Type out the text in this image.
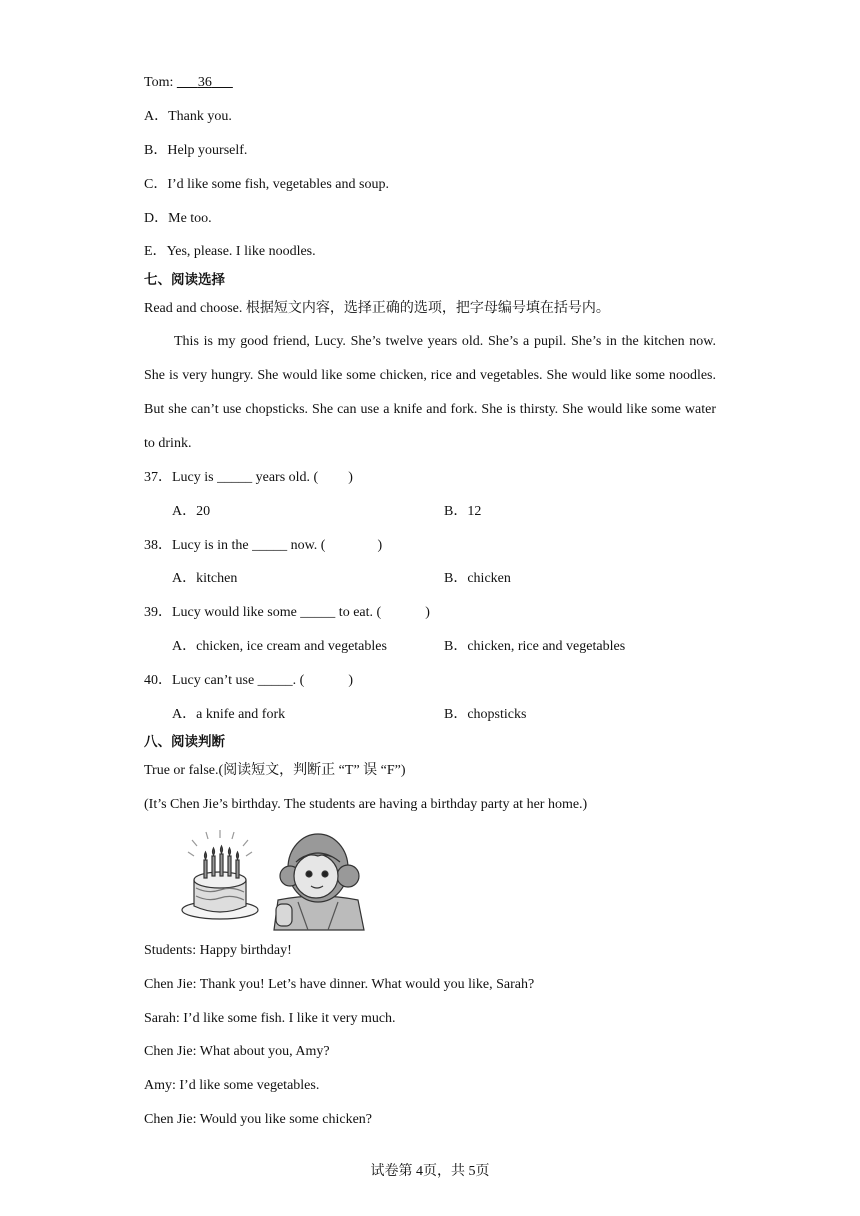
Tom: 36
A．Thank you.
B．Help yourself.
C．I’d like some fish, vegetables and soup.
D．Me too.
E．Yes, please. I like noodles.
七、阅读选择
Read and choose. 根据短文内容，选择正确的选项，把字母编号填在括号内。
This is my good friend, Lucy. She’s twelve years old. She’s a pupil. She’s in the kitchen now. She is very hungry. She would like some chicken, rice and vegetables. She would like some noodles. But she can’t use chopsticks. She can use a knife and fork. She is thirsty. She would like some water to drink.
37．Lucy is _____ years old. ( )
A．20	B．12
38．Lucy is in the _____ now. (	)
A．kitchen	B．chicken
39．Lucy would like some _____ to eat. (	)
A．chicken, ice cream and vegetables	B．chicken, rice and vegetables
40．Lucy can’t use _____. (	)
A．a knife and fork	B．chopsticks
八、阅读判断
True or false.(阅读短文，判断正 “T” 误 “F”)
(It’s Chen Jie’s birthday. The students are having a birthday party at her home.)
Students: Happy birthday!
Chen Jie: Thank you! Let’s have dinner. What would you like, Sarah?
Sarah: I’d like some fish. I like it very much.
Chen Jie: What about you, Amy?
Amy: I’d like some vegetables.
Chen Jie: Would you like some chicken?
试卷第 4页，共 5页
